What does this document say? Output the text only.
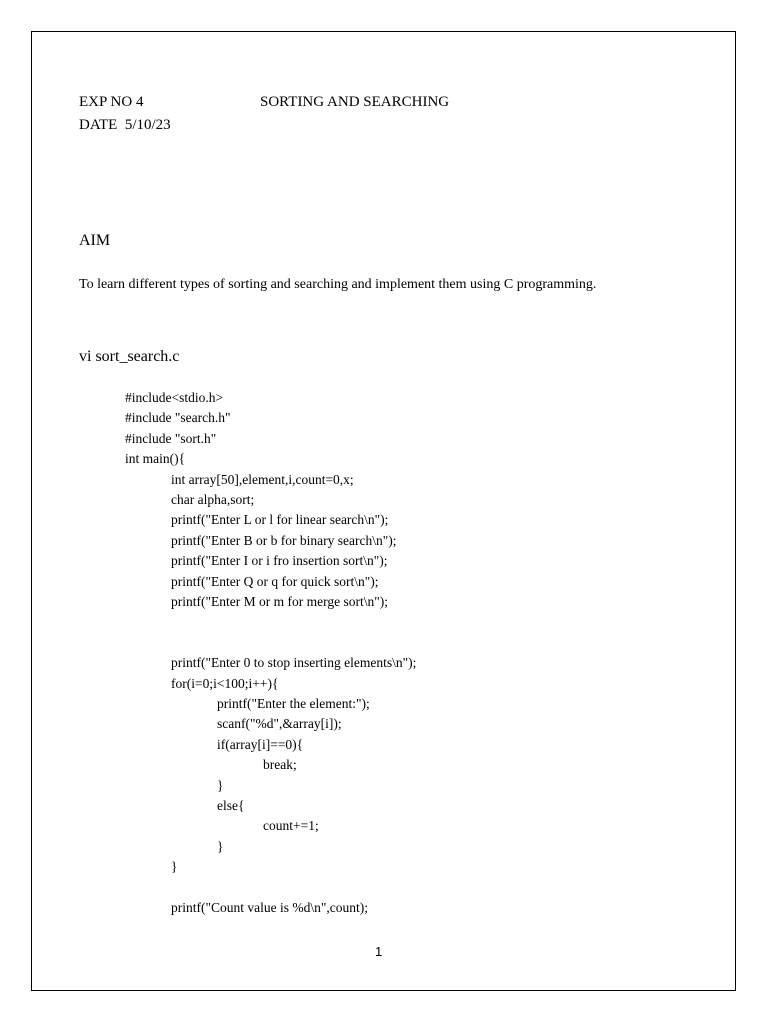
EXP NO 4	SORTING AND SEARCHING
DATE  5/10/23
AIM
To learn different types of sorting and searching and implement them using C programming.
vi sort_search.c
#include<stdio.h>
#include "search.h"
#include "sort.h"
int main(){
int array[50],element,i,count=0,x;
char alpha,sort;
printf("Enter L or l for linear search\n");
printf("Enter B or b for binary search\n");
printf("Enter I or i fro insertion sort\n");
printf("Enter Q or q for quick sort\n");
printf("Enter M or m for merge sort\n");
printf("Enter 0 to stop inserting elements\n");
for(i=0;i<100;i++){
printf("Enter the element:");
scanf("%d",&array[i]);
if(array[i]==0){
break;
}
else{
count+=1;
}
}
printf("Count value is %d\n",count);
1
